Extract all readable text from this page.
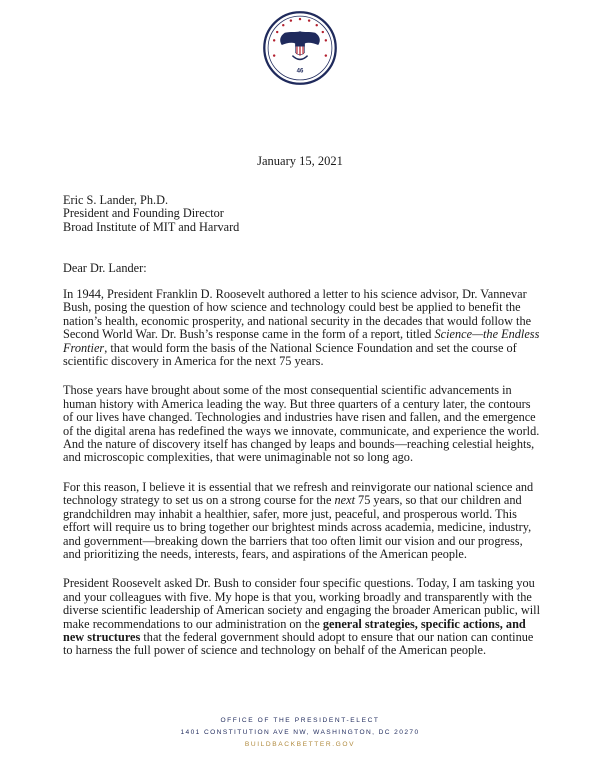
46
January 15, 2021
Eric S. Lander, Ph.D.
President and Founding Director
Broad Institute of MIT and Harvard
Dear Dr. Lander:

In 1944, President Franklin D. Roosevelt authored a letter to his science advisor, Dr. Vannevar Bush, posing the question of how science and technology could best be applied to benefit the nation’s health, economic prosperity, and national security in the decades that would follow the Second World War. Dr. Bush’s response came in the form of a report, titled Science—the Endless Frontier, that would form the basis of the National Science Foundation and set the course of scientific discovery in America for the next 75 years.

Those years have brought about some of the most consequential scientific advancements in human history with America leading the way. But three quarters of a century later, the contours of our lives have changed. Technologies and industries have risen and fallen, and the emergence of the digital arena has redefined the ways we innovate, communicate, and experience the world. And the nature of discovery itself has changed by leaps and bounds—reaching celestial heights, and microscopic complexities, that were unimaginable not so long ago.

For this reason, I believe it is essential that we refresh and reinvigorate our national science and technology strategy to set us on a strong course for the next 75 years, so that our children and grandchildren may inhabit a healthier, safer, more just, peaceful, and prosperous world. This effort will require us to bring together our brightest minds across academia, medicine, industry, and government—breaking down the barriers that too often limit our vision and our progress, and prioritizing the needs, interests, fears, and aspirations of the American people.

President Roosevelt asked Dr. Bush to consider four specific questions. Today, I am tasking you and your colleagues with five. My hope is that you, working broadly and transparently with the diverse scientific leadership of American society and engaging the broader American public, will make recommendations to our administration on the general strategies, specific actions, and new structures that the federal government should adopt to ensure that our nation can continue to harness the full power of science and technology on behalf of the American people.

OFFICE OF THE PRESIDENT-ELECT
1401 CONSTITUTION AVE NW, WASHINGTON, DC 20270
BUILDBACKBETTER.GOV
